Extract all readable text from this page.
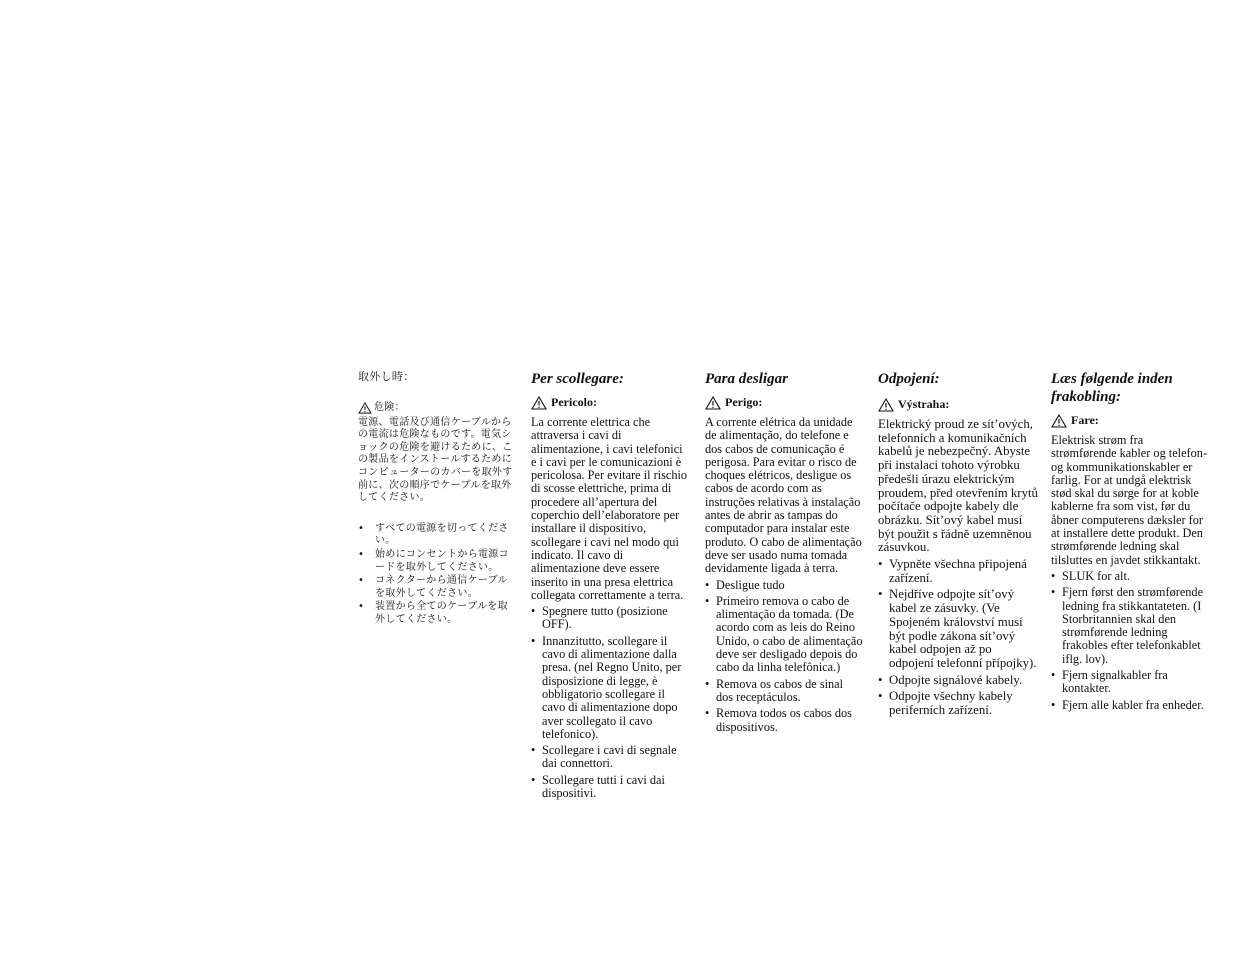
取外し時：
危険：
電源、電話及び通信ケーブルからの電流は危険なものです。電気ショックの危険を避けるために、この製品をインストールするためにコンピューターのカバーを取外す前に、次の順序でケーブルを取外してください。
• すべての電源を切ってください。
• 始めにコンセントから電源コードを取外してください。
• コネクターから通信ケーブルを取外してください。
• 装置から全てのケーブルを取外してください。
Per scollegare:
Pericolo:
La corrente elettrica che attraversa i cavi di alimentazione, i cavi telefonici e i cavi per le comunicazioni è pericolosa. Per evitare il rischio di scosse elettriche, prima di procedere all’apertura del coperchio dell’elaboratore per installare il dispositivo, scollegare i cavi nel modo qui indicato. Il cavo di alimentazione deve essere inserito in una presa elettrica collegata correttamente a terra.
• Spegnere tutto (posizione OFF).
• Innanzitutto, scollegare il cavo di alimentazione dalla presa. (nel Regno Unito, per disposizione di legge, è obbligatorio scollegare il cavo di alimentazione dopo aver scollegato il cavo telefonico).
• Scollegare i cavi di segnale dai connettori.
• Scollegare tutti i cavi dai dispositivi.
Para desligar
Perigo:
A corrente elétrica da unidade de alimentação, do telefone e dos cabos de comunicação é perigosa. Para evitar o risco de choques elétricos, desligue os cabos de acordo com as instruções relativas à instalação antes de abrir as tampas do computador para instalar este produto. O cabo de alimentação deve ser usado numa tomada devidamente ligada à terra.
• Desligue tudo
• Primeiro remova o cabo de alimentação da tomada. (De acordo com as leis do Reino Unido, o cabo de alimentação deve ser desligado depois do cabo da linha telefônica.)
• Remova os cabos de sinal dos receptáculos.
• Remova todos os cabos dos dispositivos.
Odpojení:
Výstraha:
Elektrický proud ze sít’ových, telefonních a komunikačních kabelů je nebezpečný. Abyste při instalaci tohoto výrobku předešli úrazu elektrickým proudem, před otevřením krytů počítače odpojte kabely dle obrázku. Sít’ový kabel musí být použit s řádně uzemněnou zásuvkou.
• Vypněte všechna připojená zařízení.
• Nejdříve odpojte sít’ový kabel ze zásuvky. (Ve Spojeném království musí být podle zákona sít’ový kabel odpojen až po odpojení telefonní přípojky).
• Odpojte signálové kabely.
• Odpojte všechny kabely periferních zařízení.
Læs følgende inden frakobling:
Fare:
Elektrisk strøm fra strømførende kabler og telefon- og kommunikationskabler er farlig. For at undgå elektrisk stød skal du sørge for at koble kablerne fra som vist, før du åbner computerens dæksler for at installere dette produkt. Den strømførende ledning skal tilsluttes en javdet stikkantakt.
• SLUK for alt.
• Fjern først den strømførende ledning fra stikkantateten. (I Storbritannien skal den strømførende ledning frakobles efter telefonkablet iflg. lov).
• Fjern signalkabler fra kontakter.
• Fjern alle kabler fra enheder.
